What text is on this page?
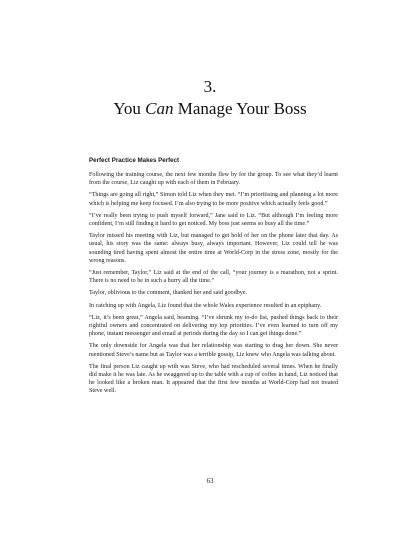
3.
You Can Manage Your Boss
Perfect Practice Makes Perfect

Following the training course, the next few months flew by for the group. To see what they’d learnt from the course, Liz caught up with each of them in February.

“Things are going all right,” Simon told Liz when they met. “I’m prioritising and planning a lot more which is helping me keep focused. I’m also trying to be more positive which actually feels good.”

“I’ve really been trying to push myself forward,” Jane said to Liz. “But although I’m feeling more confident, I’m still finding it hard to get noticed. My boss just seems so busy all the time.”

Taylor missed his meeting with Liz, but managed to get hold of her on the phone later that day. As usual, his story was the same: always busy, always important. However, Liz could tell he was sounding tired having spent almost the entire time at World-Corp in the stress zone, mostly for the wrong reasons.

“Just remember, Taylor,” Liz said at the end of the call, “your journey is a marathon, not a sprint. There is no need to be in such a hurry all the time.”

Taylor, oblivious to the comment, thanked her and said goodbye.

In catching up with Angela, Liz found that the whole Wales experience resulted in an epiphany.

“Liz, it’s been great,” Angela said, beaming. “I’ve shrunk my to-do list, pushed things back to their rightful owners and concentrated on delivering my top priorities. I’ve even learned to turn off my phone, instant messenger and email at periods during the day so I can get things done.”

The only downside for Angela was that her relationship was starting to drag her down. She never mentioned Steve’s name but as Taylor was a terrible gossip, Liz knew who Angela was talking about.

The final person Liz caught up with was Steve, who had rescheduled several times. When he finally did make it he was late. As he swaggered up to the table with a cup of coffee in hand, Liz noticed that he looked like a broken man. It appeared that the first few months at World-Corp had not treated Steve well.

63
